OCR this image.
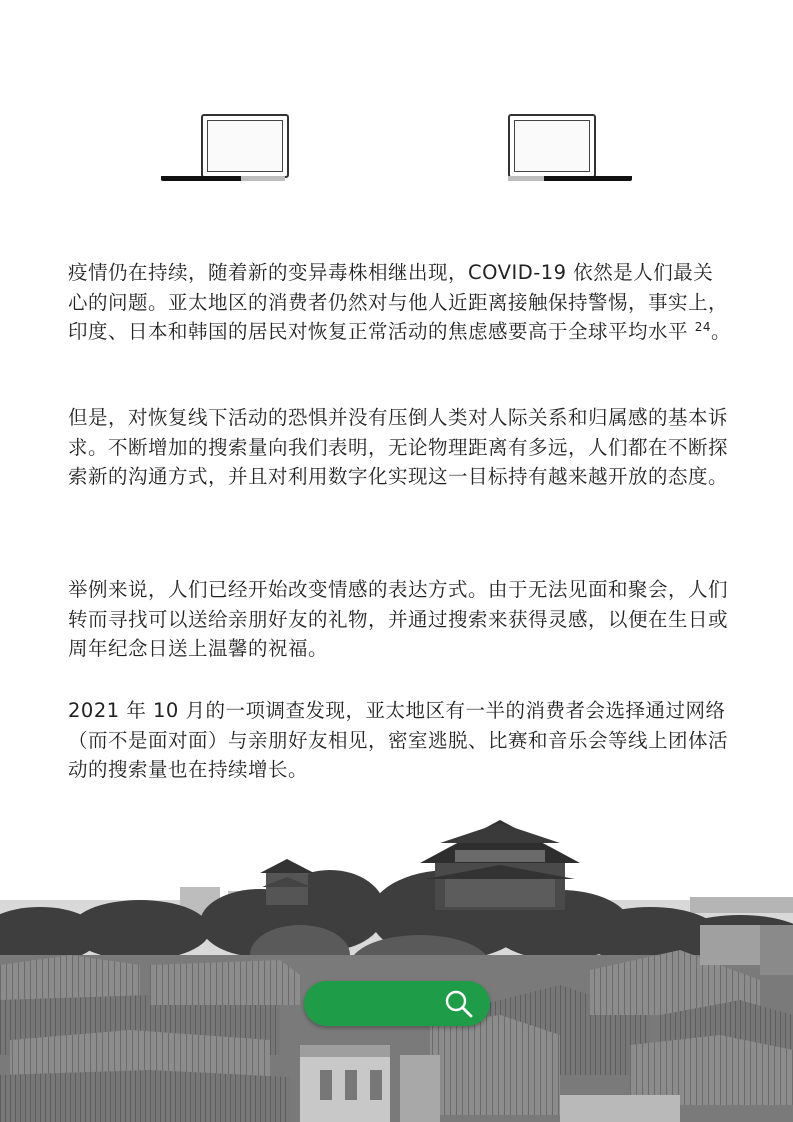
疫情仍在持续，随着新的变异毒株相继出现，COVID-19 依然是人们最关心的问题。亚太地区的消费者仍然对与他人近距离接触保持警惕，事实上，印度、日本和韩国的居民对恢复正常活动的焦虑感要高于全球平均水平 $^{24}$。

但是，对恢复线下活动的恐惧并没有压倒人类对人际关系和归属感的基本诉求。不断增加的搜索量向我们表明，无论物理距离有多远，人们都在不断探索新的沟通方式，并且对利用数字化实现这一目标持有越来越开放的态度。

举例来说，人们已经开始改变情感的表达方式。由于无法见面和聚会，人们转而寻找可以送给亲朋好友的礼物，并通过搜索来获得灵感，以便在生日或周年纪念日送上温馨的祝福。

2021 年 10 月的一项调查发现，亚太地区有一半的消费者会选择通过网络（而不是面对面）与亲朋好友相见，密室逃脱、比赛和音乐会等线上团体活动的搜索量也在持续增长。
